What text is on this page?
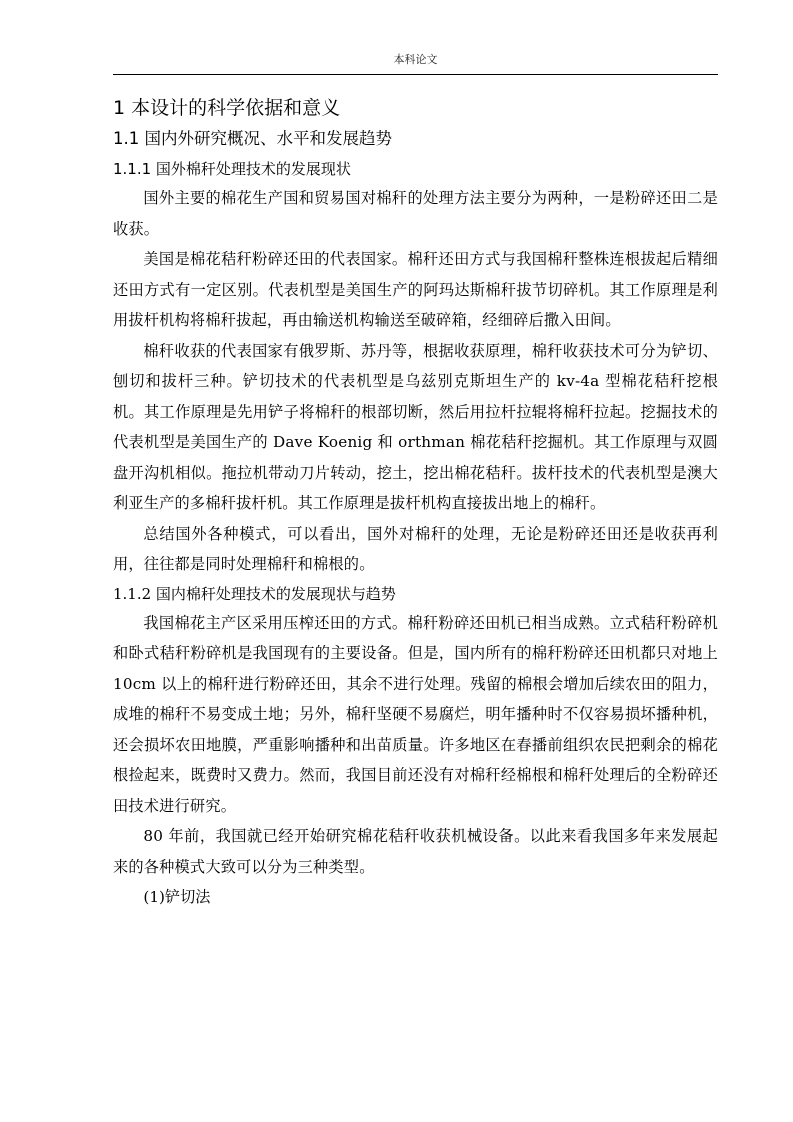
本科论文
1 本设计的科学依据和意义
1.1 国内外研究概况、水平和发展趋势
1.1.1 国外棉秆处理技术的发展现状

国外主要的棉花生产国和贸易国对棉秆的处理方法主要分为两种，一是粉碎还田二是收获。

美国是棉花秸秆粉碎还田的代表国家。棉秆还田方式与我国棉秆整株连根拔起后精细还田方式有一定区别。代表机型是美国生产的阿玛达斯棉秆拔节切碎机。其工作原理是利用拔杆机构将棉秆拔起，再由输送机构输送至破碎箱，经细碎后撒入田间。

棉秆收获的代表国家有俄罗斯、苏丹等，根据收获原理，棉秆收获技术可分为铲切、刨切和拔杆三种。铲切技术的代表机型是乌兹别克斯坦生产的 kv-4a 型棉花秸秆挖根机。其工作原理是先用铲子将棉秆的根部切断，然后用拉杆拉辊将棉秆拉起。挖掘技术的代表机型是美国生产的 Dave Koenig 和 orthman 棉花秸秆挖掘机。其工作原理与双圆盘开沟机相似。拖拉机带动刀片转动，挖土，挖出棉花秸秆。拔杆技术的代表机型是澳大利亚生产的多棉秆拔杆机。其工作原理是拔杆机构直接拔出地上的棉秆。

总结国外各种模式，可以看出，国外对棉秆的处理，无论是粉碎还田还是收获再利用，往往都是同时处理棉秆和棉根的。

1.1.2 国内棉秆处理技术的发展现状与趋势

我国棉花主产区采用压榨还田的方式。棉秆粉碎还田机已相当成熟。立式秸秆粉碎机和卧式秸秆粉碎机是我国现有的主要设备。但是，国内所有的棉秆粉碎还田机都只对地上 10cm 以上的棉秆进行粉碎还田，其余不进行处理。残留的棉根会增加后续农田的阻力，成堆的棉秆不易变成土地；另外，棉秆坚硬不易腐烂，明年播种时不仅容易损坏播种机，还会损坏农田地膜，严重影响播种和出苗质量。许多地区在春播前组织农民把剩余的棉花根捡起来，既费时又费力。然而，我国目前还没有对棉秆经棉根和棉秆处理后的全粉碎还田技术进行研究。

80 年前，我国就已经开始研究棉花秸秆收获机械设备。以此来看我国多年来发展起来的各种模式大致可以分为三种类型。

(1)铲切法
